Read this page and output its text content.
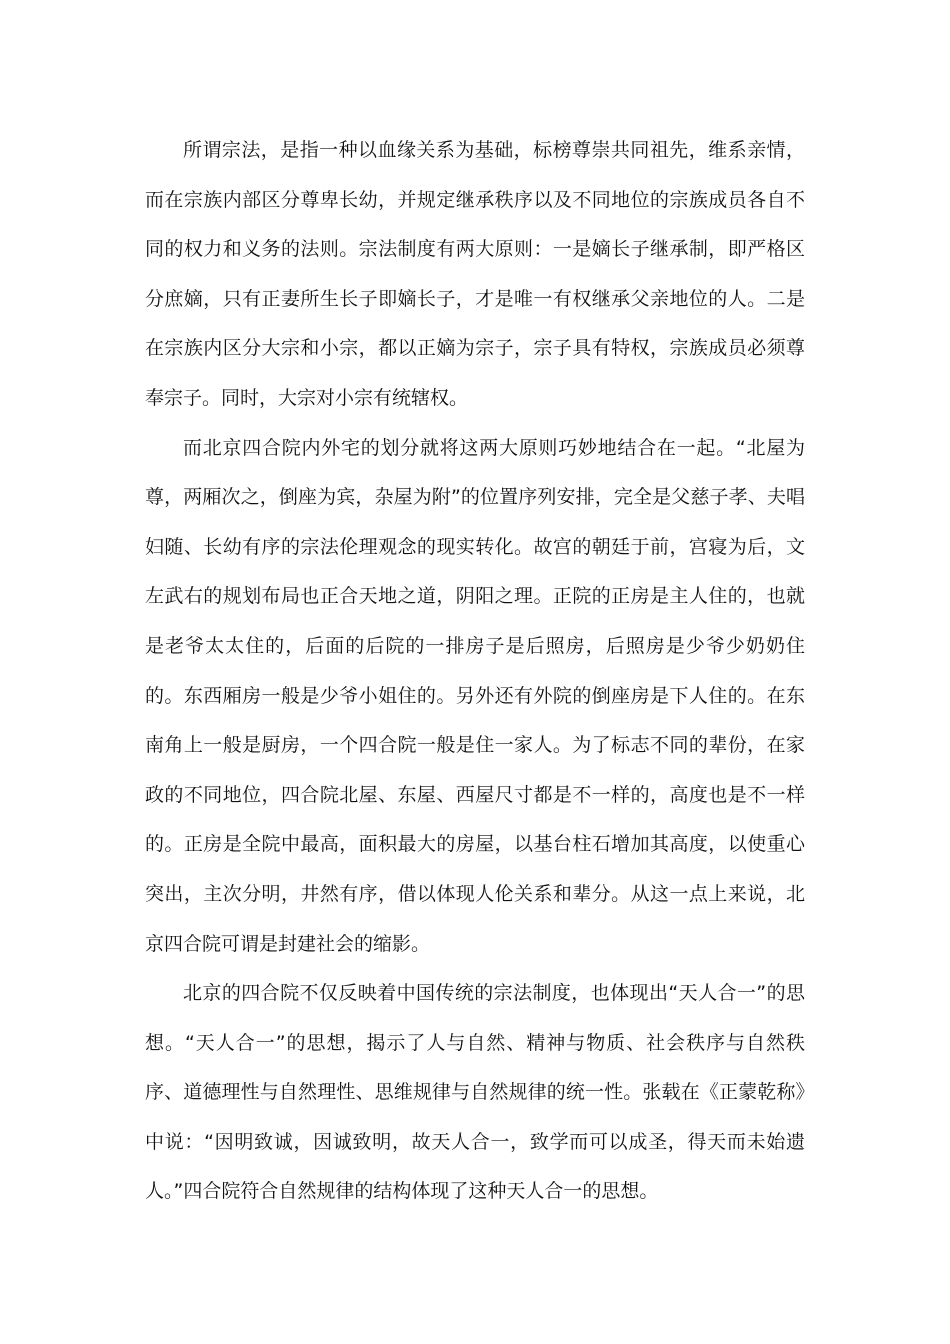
所谓宗法，是指一种以血缘关系为基础，标榜尊崇共同祖先，维系亲情，而在宗族内部区分尊卑长幼，并规定继承秩序以及不同地位的宗族成员各自不同的权力和义务的法则。宗法制度有两大原则：一是嫡长子继承制，即严格区分庶嫡，只有正妻所生长子即嫡长子，才是唯一有权继承父亲地位的人。二是在宗族内区分大宗和小宗，都以正嫡为宗子，宗子具有特权，宗族成员必须尊奉宗子。同时，大宗对小宗有统辖权。

而北京四合院内外宅的划分就将这两大原则巧妙地结合在一起。“北屋为尊，两厢次之，倒座为宾，杂屋为附”的位置序列安排，完全是父慈子孝、夫唱妇随、长幼有序的宗法伦理观念的现实转化。故宫的朝廷于前，宫寝为后，文左武右的规划布局也正合天地之道，阴阳之理。正院的正房是主人住的，也就是老爷太太住的，后面的后院的一排房子是后照房，后照房是少爷少奶奶住的。东西厢房一般是少爷小姐住的。另外还有外院的倒座房是下人住的。在东南角上一般是厨房，一个四合院一般是住一家人。为了标志不同的辈份，在家政的不同地位，四合院北屋、东屋、西屋尺寸都是不一样的，高度也是不一样的。正房是全院中最高，面积最大的房屋，以基台柱石增加其高度，以使重心突出，主次分明，井然有序，借以体现人伦关系和辈分。从这一点上来说，北京四合院可谓是封建社会的缩影。

北京的四合院不仅反映着中国传统的宗法制度，也体现出“天人合一”的思想。“天人合一”的思想，揭示了人与自然、精神与物质、社会秩序与自然秩序、道德理性与自然理性、思维规律与自然规律的统一性。张载在《正蒙乾称》中说：“因明致诚，因诚致明，故天人合一，致学而可以成圣，得天而未始遗人。”四合院符合自然规律的结构体现了这种天人合一的思想。
